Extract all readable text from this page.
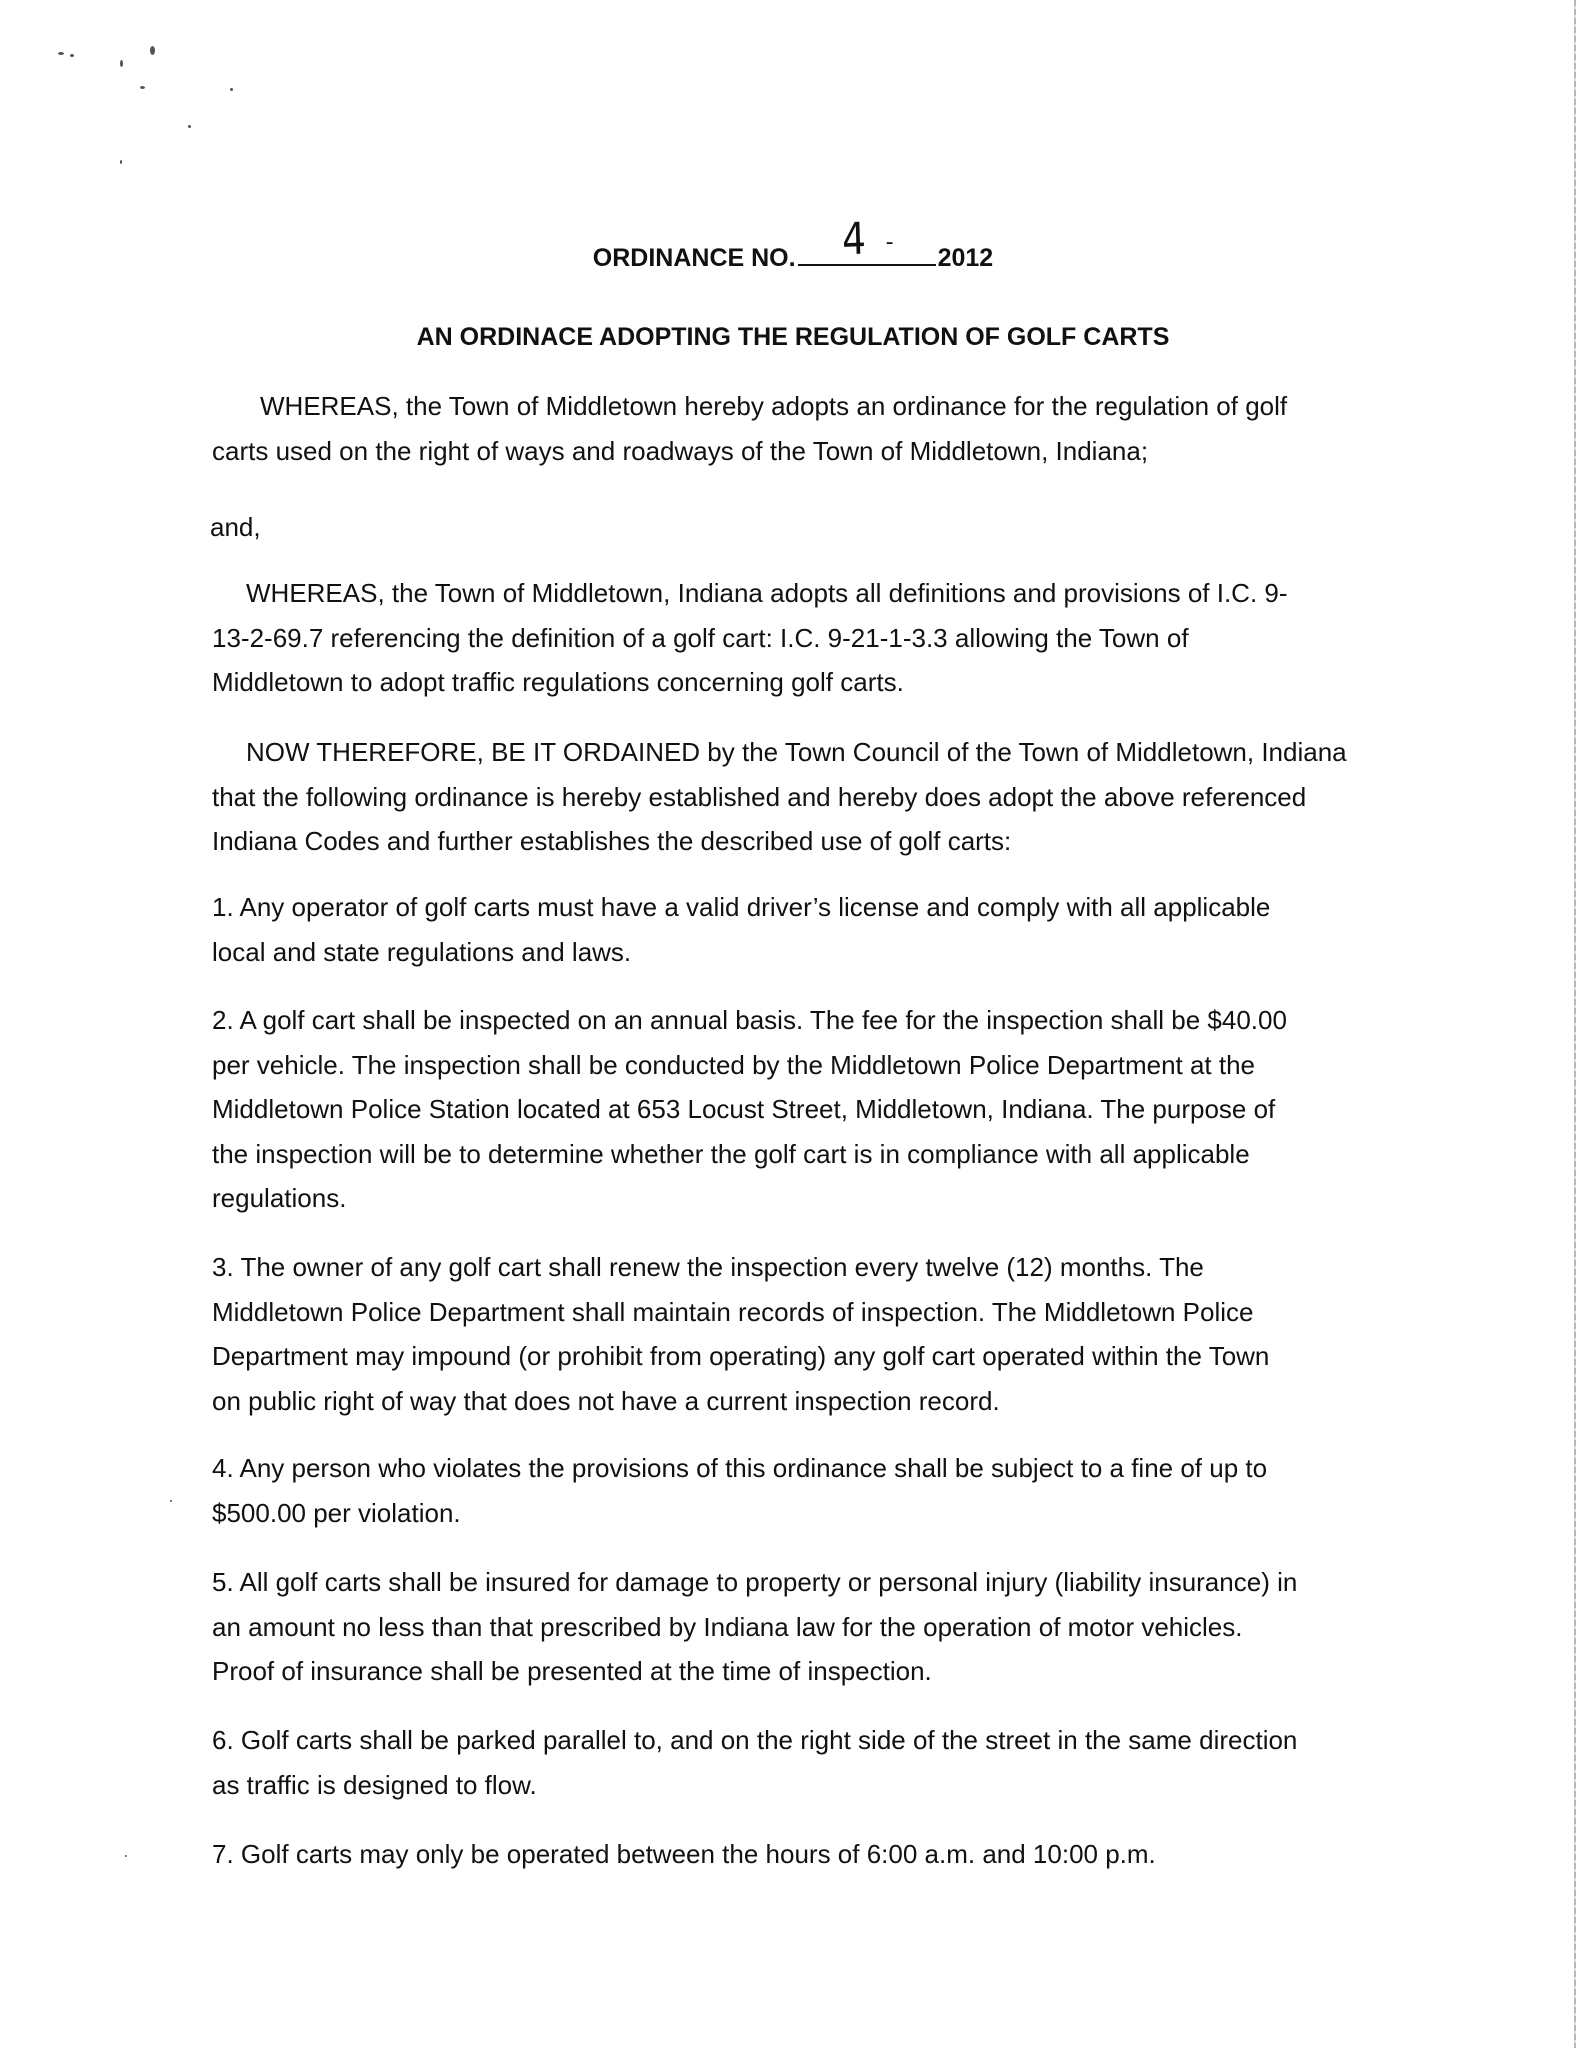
ORDINANCE NO. 4 -
2012
AN ORDINACE ADOPTING THE REGULATION OF GOLF CARTS

WHEREAS, the Town of Middletown hereby adopts an ordinance for the regulation of golf

carts used on the right of ways and roadways of the Town of Middletown, Indiana;

and,

WHEREAS, the Town of Middletown, Indiana adopts all definitions and provisions of I.C. 9-

13-2-69.7 referencing the definition of a golf cart: I.C. 9-21-1-3.3 allowing the Town of

Middletown to adopt traffic regulations concerning golf carts.

NOW THEREFORE, BE IT ORDAINED by the Town Council of the Town of Middletown, Indiana

that the following ordinance is hereby established and hereby does adopt the above referenced

Indiana Codes and further establishes the described use of golf carts:

1. Any operator of golf carts must have a valid driver’s license and comply with all applicable

local and state regulations and laws.

2. A golf cart shall be inspected on an annual basis. The fee for the inspection shall be $40.00

per vehicle. The inspection shall be conducted by the Middletown Police Department at the

Middletown Police Station located at 653 Locust Street, Middletown, Indiana. The purpose of

the inspection will be to determine whether the golf cart is in compliance with all applicable

regulations.

3. The owner of any golf cart shall renew the inspection every twelve (12) months. The

Middletown Police Department shall maintain records of inspection. The Middletown Police

Department may impound (or prohibit from operating) any golf cart operated within the Town

on public right of way that does not have a current inspection record.

4. Any person who violates the provisions of this ordinance shall be subject to a fine of up to

$500.00 per violation.

5. All golf carts shall be insured for damage to property or personal injury (liability insurance) in

an amount no less than that prescribed by Indiana law for the operation of motor vehicles.

Proof of insurance shall be presented at the time of inspection.

6. Golf carts shall be parked parallel to, and on the right side of the street in the same direction

as traffic is designed to flow.

7. Golf carts may only be operated between the hours of 6:00 a.m. and 10:00 p.m.
